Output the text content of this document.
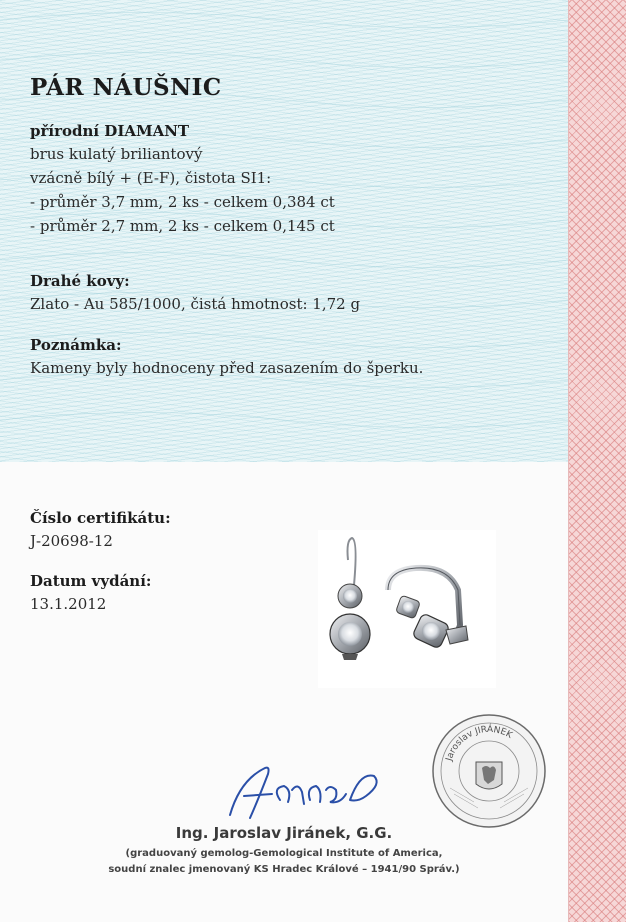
PÁR NÁUŠNIC
přírodní DIAMANT
brus kulatý briliantový
vzácně bílý + (E-F), čistota SI1:
- průměr 3,7 mm, 2 ks - celkem 0,384 ct
- průměr 2,7 mm, 2 ks - celkem 0,145 ct
Drahé kovy:
Zlato - Au 585/1000, čistá hmotnost: 1,72 g
Poznámka:
Kameny byly hodnoceny před zasazením do šperku.
Číslo certifikátu:
J-20698-12
Datum vydání:
13.1.2012
Jaroslav JIRÁNEK
Ing. Jaroslav Jiránek, G.G.
(graduovaný gemolog-Gemological Institute of America,
soudní znalec jmenovaný KS Hradec Králové – 1941/90 Správ.)
